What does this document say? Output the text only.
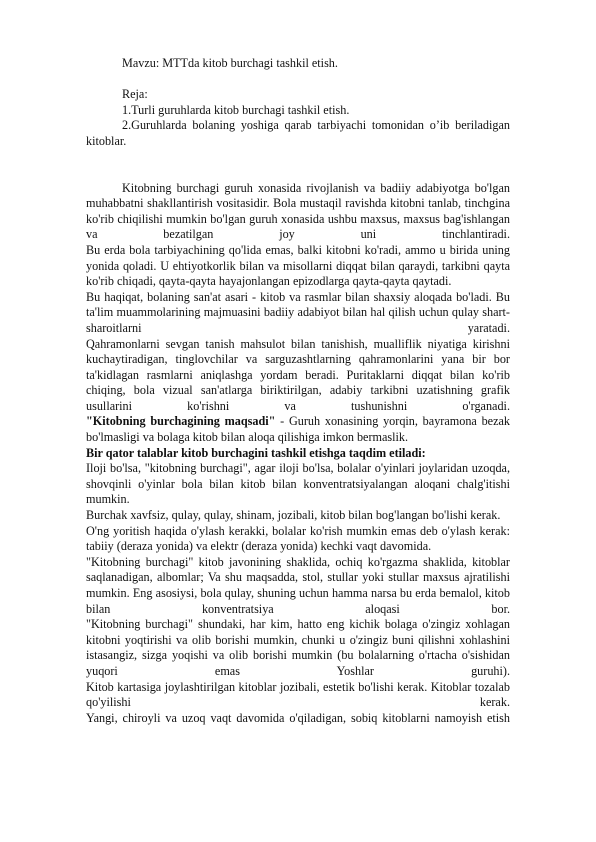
Mavzu: MTTda kitob burchagi tashkil etish.

Reja:

1.Turli guruhlarda kitob burchagi tashkil etish.

2.Guruhlarda bolaning yoshiga qarab tarbiyachi tomonidan o’ib beriladigan kitoblar.

Kitobning burchagi guruh xonasida rivojlanish va badiiy adabiyotga bo'lgan muhabbatni shakllantirish vositasidir. Bola mustaqil ravishda kitobni tanlab, tinchgina ko'rib chiqilishi mumkin bo'lgan guruh xonasida ushbu maxsus, maxsus bag'ishlangan va bezatilgan joy uni tinchlantiradi.

Bu erda bola tarbiyachining qo'lida emas, balki kitobni ko'radi, ammo u birida uning yonida qoladi. U ehtiyotkorlik bilan va misollarni diqqat bilan qaraydi, tarkibni qayta ko'rib chiqadi, qayta-qayta hayajonlangan epizodlarga qayta-qayta qaytadi.

Bu haqiqat, bolaning san'at asari - kitob va rasmlar bilan shaxsiy aloqada bo'ladi. Bu ta'lim muammolarining majmuasini badiiy adabiyot bilan hal qilish uchun qulay shart-sharoitlarni yaratadi.

Qahramonlarni sevgan tanish mahsulot bilan tanishish, mualliflik niyatiga kirishni kuchaytiradigan, tinglovchilar va sarguzashtlarning qahramonlarini yana bir bor ta'kidlagan rasmlarni aniqlashga yordam beradi. Puritaklarni diqqat bilan ko'rib chiqing, bola vizual san'atlarga biriktirilgan, adabiy tarkibni uzatishning grafik usullarini ko'rishni va tushunishni o'rganadi.

"Kitobning burchagining maqsadi" - Guruh xonasining yorqin, bayramona bezak bo'lmasligi va bolaga kitob bilan aloqa qilishiga imkon bermaslik.

Bir qator talablar kitob burchagini tashkil etishga taqdim etiladi:

Iloji bo'lsa, "kitobning burchagi", agar iloji bo'lsa, bolalar o'yinlari joylaridan uzoqda, shovqinli o'yinlar bola bilan kitob bilan konventratsiyalangan aloqani chalg'itishi mumkin.

Burchak xavfsiz, qulay, qulay, shinam, jozibali, kitob bilan bog'langan bo'lishi kerak.

O'ng yoritish haqida o'ylash kerakki, bolalar ko'rish mumkin emas deb o'ylash kerak: tabiiy (deraza yonida) va elektr (deraza yonida) kechki vaqt davomida.

"Kitobning burchagi" kitob javonining shaklida, ochiq ko'rgazma shaklida, kitoblar saqlanadigan, albomlar; Va shu maqsadda, stol, stullar yoki stullar maxsus ajratilishi mumkin. Eng asosiysi, bola qulay, shuning uchun hamma narsa bu erda bemalol, kitob bilan konventratsiya aloqasi bor.

"Kitobning burchagi" shundaki, har kim, hatto eng kichik bolaga o'zingiz xohlagan kitobni yoqtirishi va olib borishi mumkin, chunki u o'zingiz buni qilishni xohlashini istasangiz, sizga yoqishi va olib borishi mumkin (bu bolalarning o'rtacha o'sishidan yuqori emas Yoshlar guruhi).

Kitob kartasiga joylashtirilgan kitoblar jozibali, estetik bo'lishi kerak. Kitoblar tozalab qo'yilishi kerak.

Yangi, chiroyli va uzoq vaqt davomida o'qiladigan, sobiq kitoblarni namoyish etish
